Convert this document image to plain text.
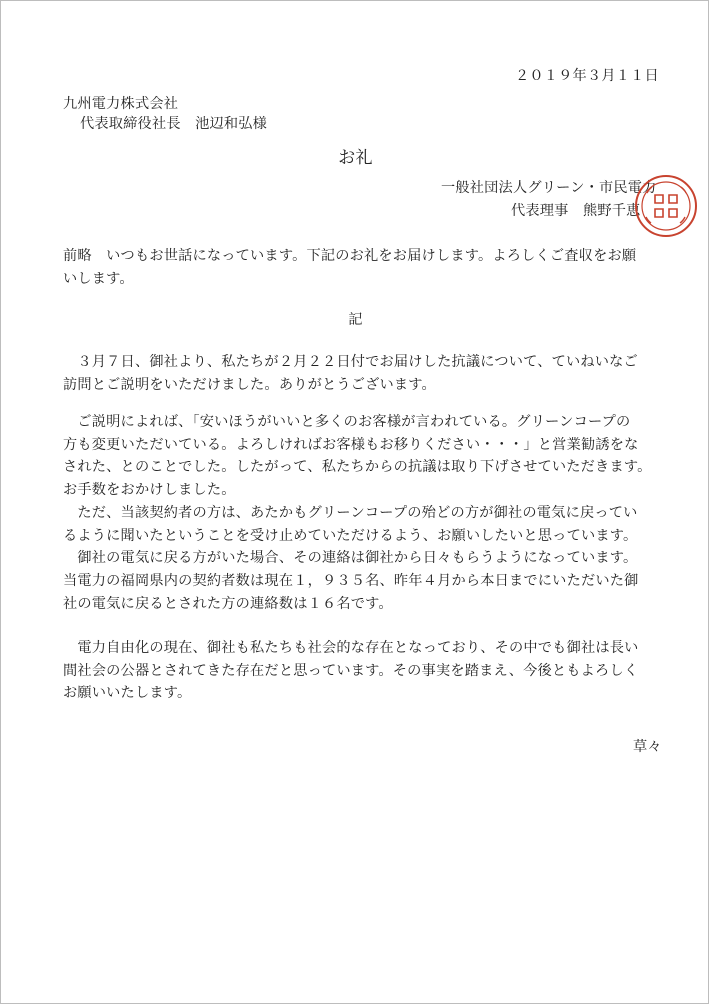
２０１９年３月１１日

九州電力株式会社

代表取締役社長　池辺和弘様

お礼

一般社団法人グリーン・市民電力

代表理事　熊野千恵

前略　いつもお世話になっています。下記のお礼をお届けします。よろしくご査収をお願
いします。

記

　３月７日、御社より、私たちが２月２２日付でお届けした抗議について、ていねいなご
訪問とご説明をいただけました。ありがとうございます。
　ご説明によれば、「安いほうがいいと多くのお客様が言われている。グリーンコープの
方も変更いただいている。よろしければお客様もお移りください・・・」と営業勧誘をな
された、とのことでした。したがって、私たちからの抗議は取り下げさせていただきます。
お手数をおかけしました。
　ただ、当該契約者の方は、あたかもグリーンコープの殆どの方が御社の電気に戻ってい
るように聞いたということを受け止めていただけるよう、お願いしたいと思っています。
　御社の電気に戻る方がいた場合、その連絡は御社から日々もらうようになっています。
当電力の福岡県内の契約者数は現在１，９３５名、昨年４月から本日までにいただいた御
社の電気に戻るとされた方の連絡数は１６名です。
　電力自由化の現在、御社も私たちも社会的な存在となっており、その中でも御社は長い
間社会の公器とされてきた存在だと思っています。その事実を踏まえ、今後ともよろしく
お願いいたします。

草々
